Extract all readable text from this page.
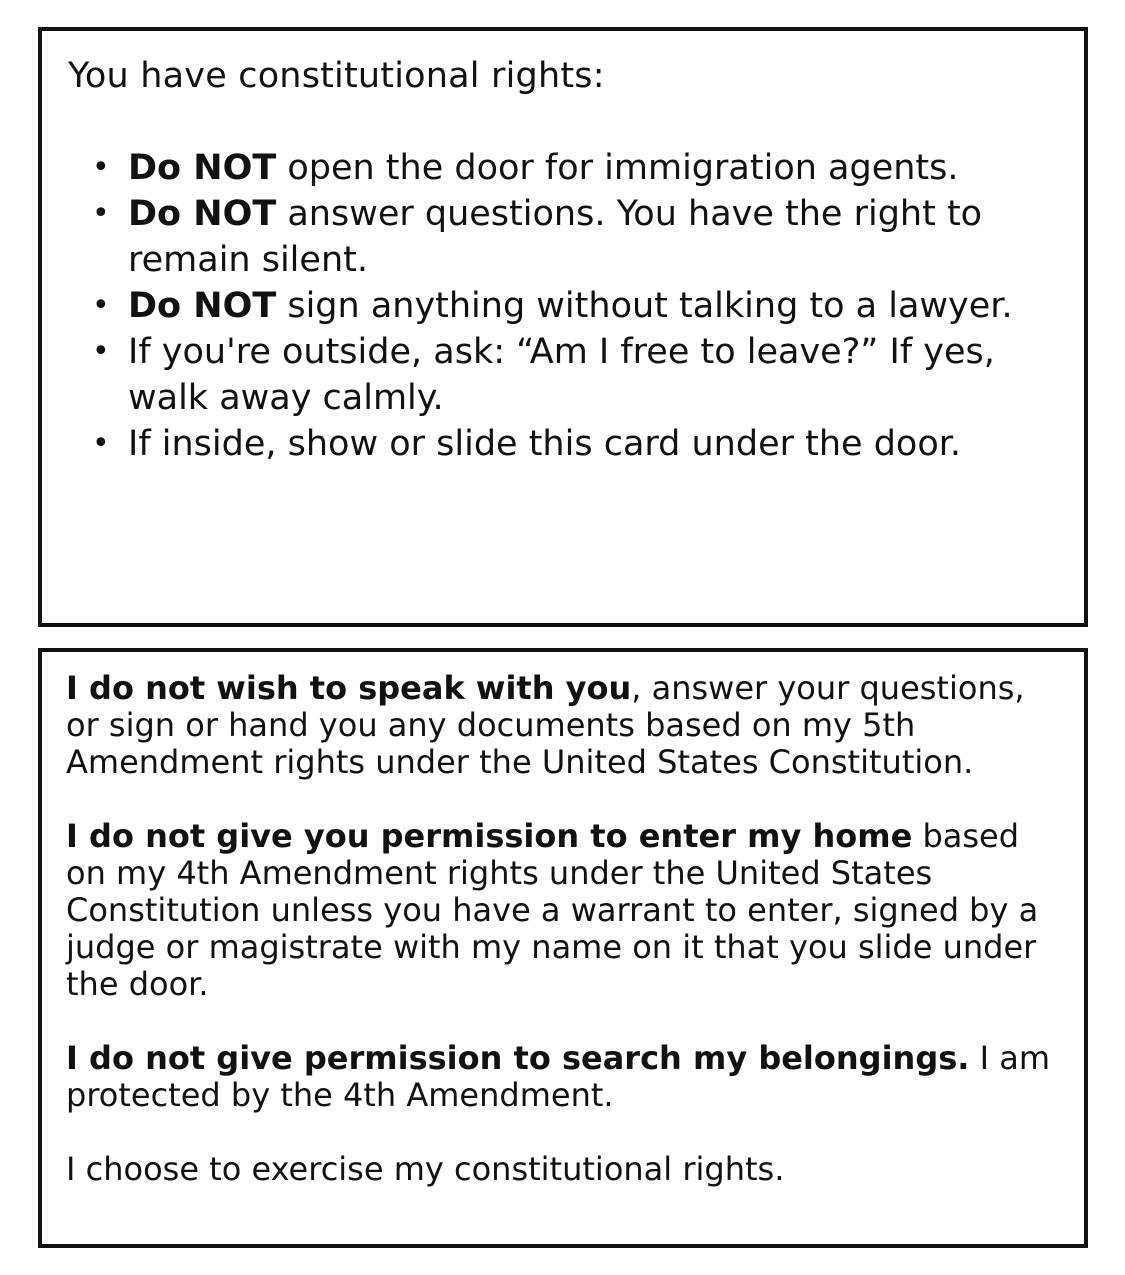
You have constitutional rights:
• Do NOT open the door for immigration agents.
• Do NOT answer questions. You have the right to remain silent.
• Do NOT sign anything without talking to a lawyer.
• If you're outside, ask: “Am I free to leave?” If yes, walk away calmly.
• If inside, show or slide this card under the door.

I do not wish to speak with you, answer your questions, or sign or hand you any documents based on my 5th Amendment rights under the United States Constitution.

I do not give you permission to enter my home based on my 4th Amendment rights under the United States Constitution unless you have a warrant to enter, signed by a judge or magistrate with my name on it that you slide under the door.

I do not give permission to search my belongings. I am protected by the 4th Amendment.

I choose to exercise my constitutional rights.
